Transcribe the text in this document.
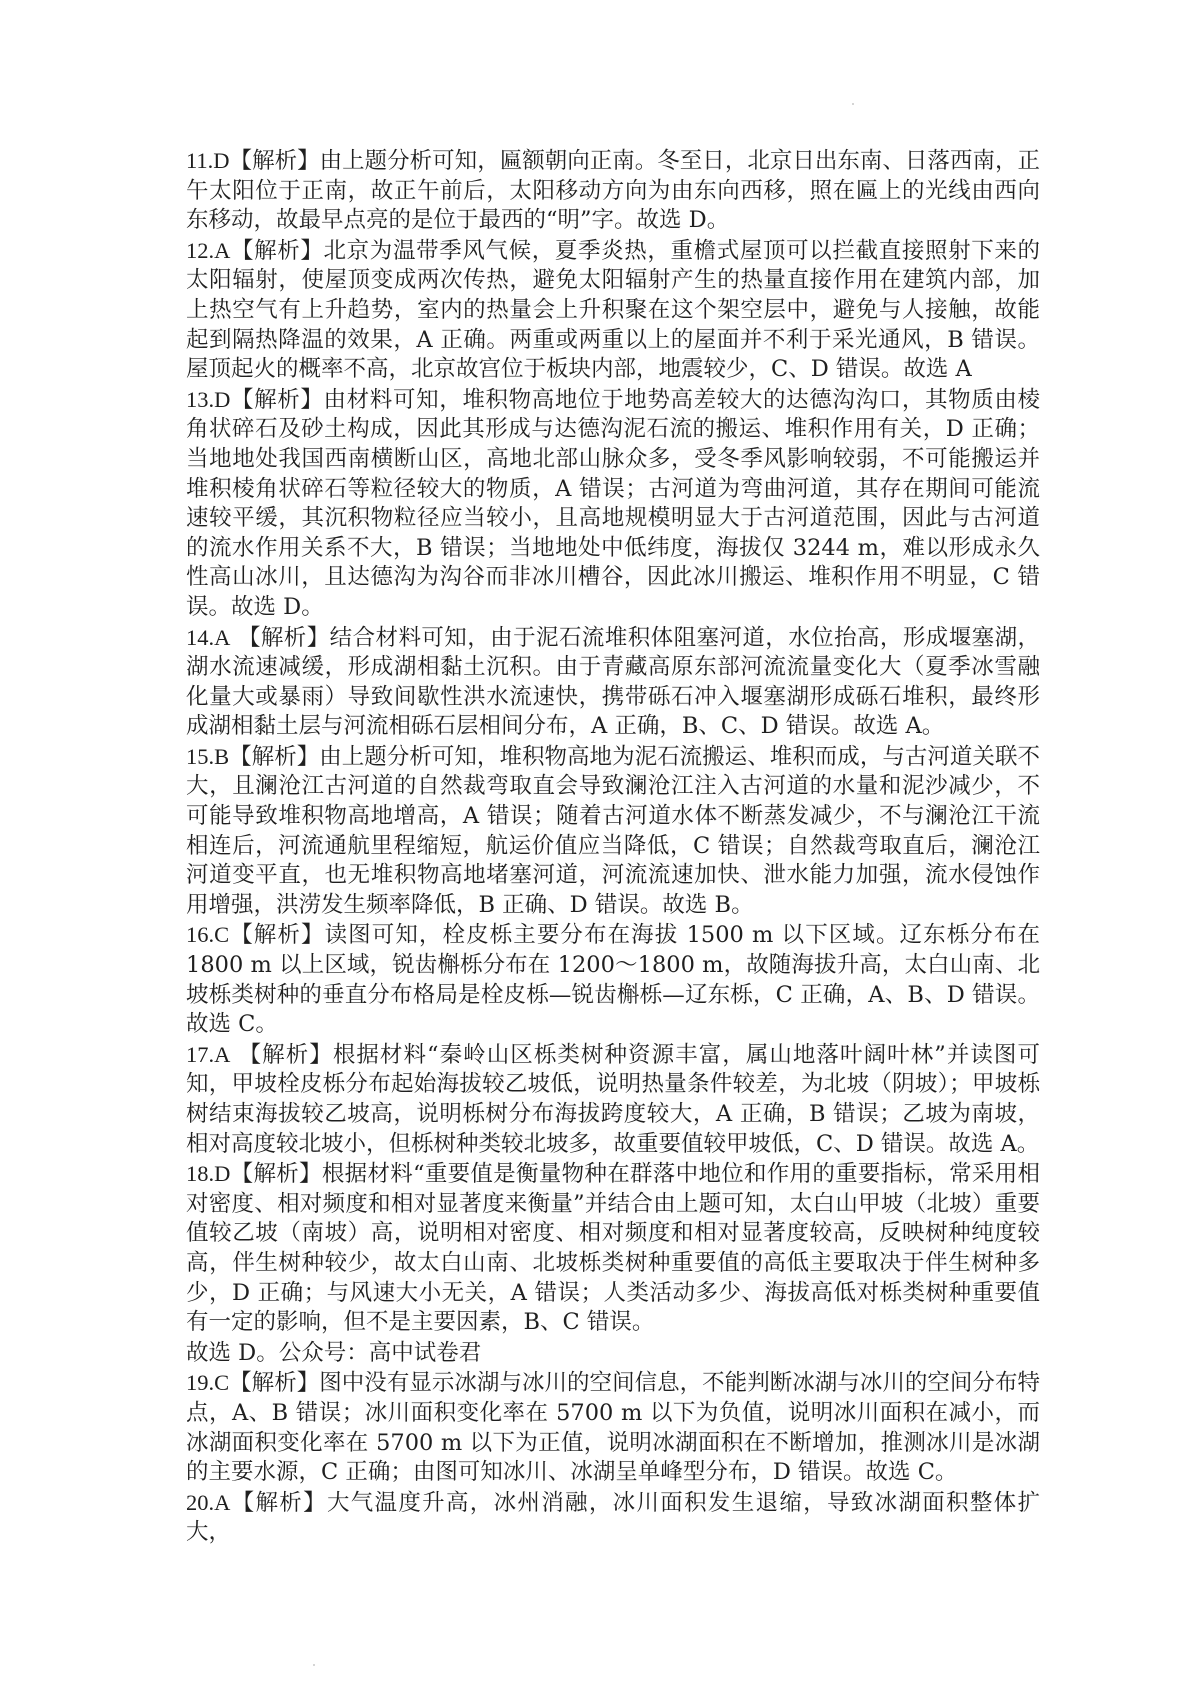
11.D【解析】由上题分析可知，匾额朝向正南。冬至日，北京日出东南、日落西南，正午太阳位于正南，故正午前后，太阳移动方向为由东向西移，照在匾上的光线由西向东移动，故最早点亮的是位于最西的“明”字。故选 D。

12.A【解析】北京为温带季风气候，夏季炎热，重檐式屋顶可以拦截直接照射下来的太阳辐射，使屋顶变成两次传热，避免太阳辐射产生的热量直接作用在建筑内部，加上热空气有上升趋势，室内的热量会上升积聚在这个架空层中，避免与人接触，故能起到隔热降温的效果，A 正确。两重或两重以上的屋面并不利于采光通风，B 错误。屋顶起火的概率不高，北京故宫位于板块内部，地震较少，C、D 错误。故选 A

13.D【解析】由材料可知，堆积物高地位于地势高差较大的达德沟沟口，其物质由棱角状碎石及砂土构成，因此其形成与达德沟泥石流的搬运、堆积作用有关，D 正确；当地地处我国西南横断山区，高地北部山脉众多，受冬季风影响较弱，不可能搬运并堆积棱角状碎石等粒径较大的物质，A 错误；古河道为弯曲河道，其存在期间可能流速较平缓，其沉积物粒径应当较小，且高地规模明显大于古河道范围，因此与古河道的流水作用关系不大，B 错误；当地地处中低纬度，海拔仅 3244 m，难以形成永久性高山冰川，且达德沟为沟谷而非冰川槽谷，因此冰川搬运、堆积作用不明显，C 错误。故选 D。

14.A 【解析】结合材料可知，由于泥石流堆积体阻塞河道，水位抬高，形成堰塞湖，湖水流速减缓，形成湖相黏土沉积。由于青藏高原东部河流流量变化大（夏季冰雪融化量大或暴雨）导致间歇性洪水流速快，携带砾石冲入堰塞湖形成砾石堆积，最终形成湖相黏土层与河流相砾石层相间分布，A 正确，B、C、D 错误。故选 A。

15.B【解析】由上题分析可知，堆积物高地为泥石流搬运、堆积而成，与古河道关联不大，且澜沧江古河道的自然裁弯取直会导致澜沧江注入古河道的水量和泥沙减少，不可能导致堆积物高地增高，A 错误；随着古河道水体不断蒸发减少，不与澜沧江干流相连后，河流通航里程缩短，航运价值应当降低，C 错误；自然裁弯取直后，澜沧江河道变平直，也无堆积物高地堵塞河道，河流流速加快、泄水能力加强，流水侵蚀作用增强，洪涝发生频率降低，B 正确、D 错误。故选 B。

16.C【解析】读图可知，栓皮栎主要分布在海拔 1500 m 以下区域。辽东栎分布在 1800 m 以上区域，锐齿槲栎分布在 1200～1800 m，故随海拔升高，太白山南、北坡栎类树种的垂直分布格局是栓皮栎—锐齿槲栎—辽东栎，C 正确，A、B、D 错误。故选 C。

17.A 【解析】根据材料“秦岭山区栎类树种资源丰富，属山地落叶阔叶林”并读图可知，甲坡栓皮栎分布起始海拔较乙坡低，说明热量条件较差，为北坡（阴坡）；甲坡栎树结束海拔较乙坡高，说明栎树分布海拔跨度较大，A 正确，B 错误；乙坡为南坡，相对高度较北坡小，但栎树种类较北坡多，故重要值较甲坡低，C、D 错误。故选 A。

18.D【解析】根据材料“重要值是衡量物种在群落中地位和作用的重要指标，常采用相对密度、相对频度和相对显著度来衡量”并结合由上题可知，太白山甲坡（北坡）重要值较乙坡（南坡）高，说明相对密度、相对频度和相对显著度较高，反映树种纯度较高，伴生树种较少，故太白山南、北坡栎类树种重要值的高低主要取决于伴生树种多少，D 正确；与风速大小无关，A 错误；人类活动多少、海拔高低对栎类树种重要值有一定的影响，但不是主要因素，B、C 错误。

故选 D。公众号：高中试卷君

19.C【解析】图中没有显示冰湖与冰川的空间信息，不能判断冰湖与冰川的空间分布特点，A、B 错误；冰川面积变化率在 5700 m 以下为负值，说明冰川面积在减小，而冰湖面积变化率在 5700 m 以下为正值，说明冰湖面积在不断增加，推测冰川是冰湖的主要水源，C 正确；由图可知冰川、冰湖呈单峰型分布，D 错误。故选 C。

20.A【解析】大气温度升高，冰州消融，冰川面积发生退缩，导致冰湖面积整体扩大，
